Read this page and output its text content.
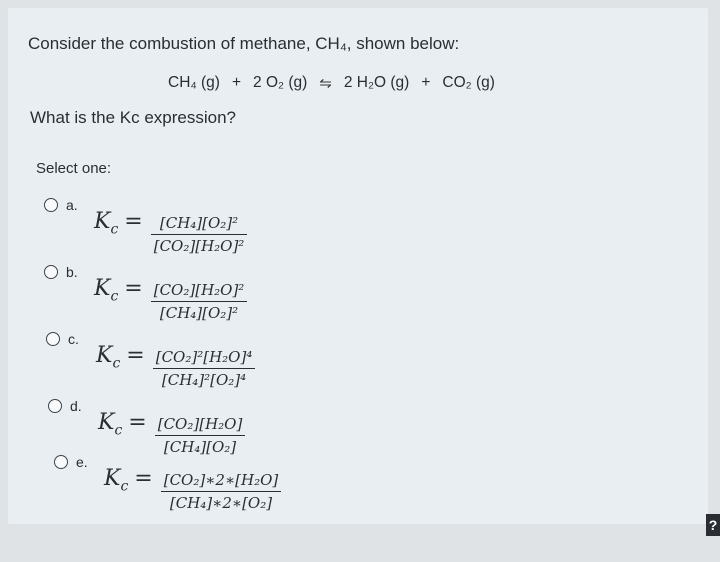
Consider the combustion of methane, CH₄, shown below:
CH₄ (g) + 2 O₂ (g) ⇋ 2 H₂O (g) + CO₂ (g)
What is the Kc expression?
Select one:
a.
$K_c = \frac{\text{[CH₄][O₂]²}}{\text{[CO₂][H₂O]²}}$
b.
$K_c = \frac{\text{[CO₂][H₂O]²}}{\text{[CH₄][O₂]²}}$
c.
$K_c = \frac{\text{[CO₂]²[H₂O]⁴}}{\text{[CH₄]²[O₂]⁴}}$
d.
$K_c = \frac{\text{[CO₂][H₂O]}}{\text{[CH₄][O₂]}}$
e.
$K_c = \frac{\text{[CO₂]∗2∗[H₂O]}}{\text{[CH₄]∗2∗[O₂]}}$
?
